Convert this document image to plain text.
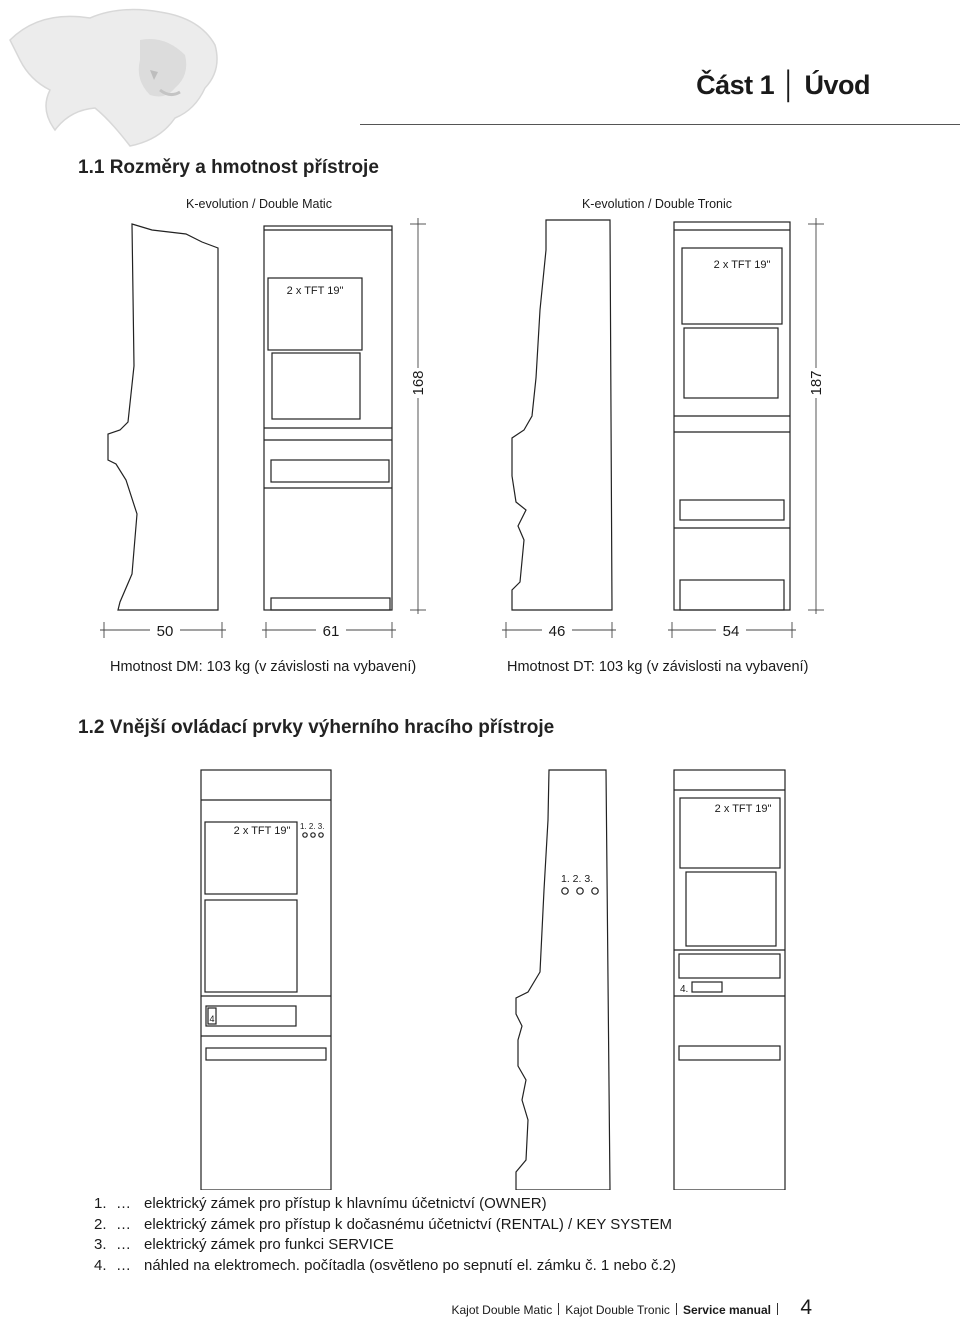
Část 1 │ Úvod
1.1 Rozměry a hmotnost přístroje
K-evolution / Double Matic	K-evolution / Double Tronic
2 x TFT 19"
2 x TFT 19"
50	61
168
46	54
187
Hmotnost DM: 103 kg (v závislosti na vybavení)	Hmotnost DT: 103 kg (v závislosti na vybavení)
1.2 Vnější ovládací prvky výherního hracího přístroje
2 x TFT 19" 1. 2. 3.
4
2 x TFT 19"
1. 2. 3.
4.
1. … elektrický zámek pro přístup k hlavnímu účetnictví (OWNER)
2. … elektrický zámek pro přístup k dočasnému účetnictví (RENTAL) / KEY SYSTEM
3. … elektrický zámek pro funkci SERVICE
4. … náhled na elektromech. počítadla (osvětleno po sepnutí el. zámku č. 1 nebo č.2)
Kajot Double Matic Kajot Double Tronic Service manual	4
